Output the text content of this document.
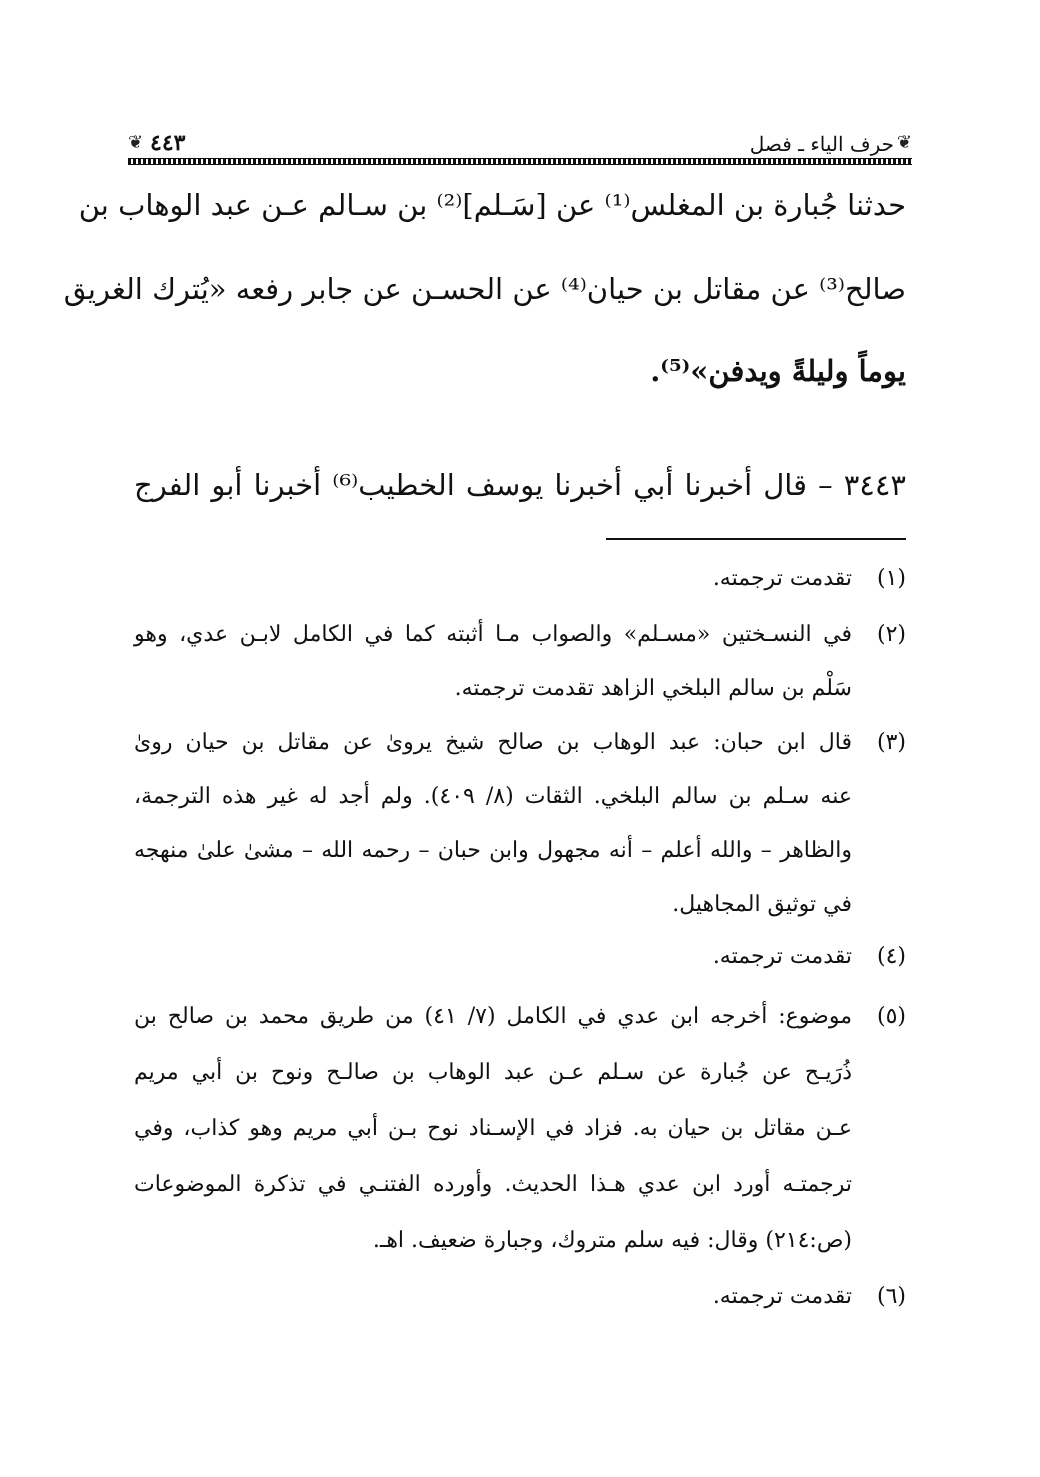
❦
حرف الياء ـ فصل
٤٤٣
❦
حدثنا جُبارة بن المغلس⁽¹⁾ عن [سَـلم]⁽²⁾ بن سـالم عـن عبد الوهاب بن
صالح⁽³⁾ عن مقاتل بن حيان⁽⁴⁾ عن الحسـن عن جابر رفعه «يُترك الغريق
يوماً وليلةً ويدفن»⁽⁵⁾.
٣٤٤٣ – قال أخبرنا أبي أخبرنا يوسف الخطيب⁽⁶⁾ أخبرنا أبو الفرج
(١)
تقدمت ترجمته.
(٢)
في النسـختين «مسـلم» والصواب مـا أثبته كما في الكامل لابـن عدي، وهو
سَلْم بن سالم البلخي الزاهد تقدمت ترجمته.
(٣)
قال ابن حبان: عبد الوهاب بن صالح شيخ يروىٰ عن مقاتل بن حيان روىٰ
عنه سـلم بن سالم البلخي. الثقات (٨/ ٤٠٩). ولم أجد له غير هذه الترجمة،
والظاهر – والله أعلم – أنه مجهول وابن حبان – رحمه الله – مشىٰ علىٰ منهجه
في توثيق المجاهيل.
(٤)
تقدمت ترجمته.
(٥)
موضوع: أخرجه ابن عدي في الكامل (٧/ ٤١) من طريق محمد بن صالح بن
ذُرَيـح عن جُبارة عن سـلم عـن عبد الوهاب بن صالـح ونوح بن أبي مريم
عـن مقاتل بن حيان به. فزاد في الإسـناد نوح بـن أبي مريم وهو كذاب، وفي
ترجمتـه أورد ابن عدي هـذا الحديث. وأورده الفتنـي في تذكرة الموضوعات
(ص:٢١٤) وقال: فيه سلم متروك، وجبارة ضعيف. اهـ.
(٦)
تقدمت ترجمته.
